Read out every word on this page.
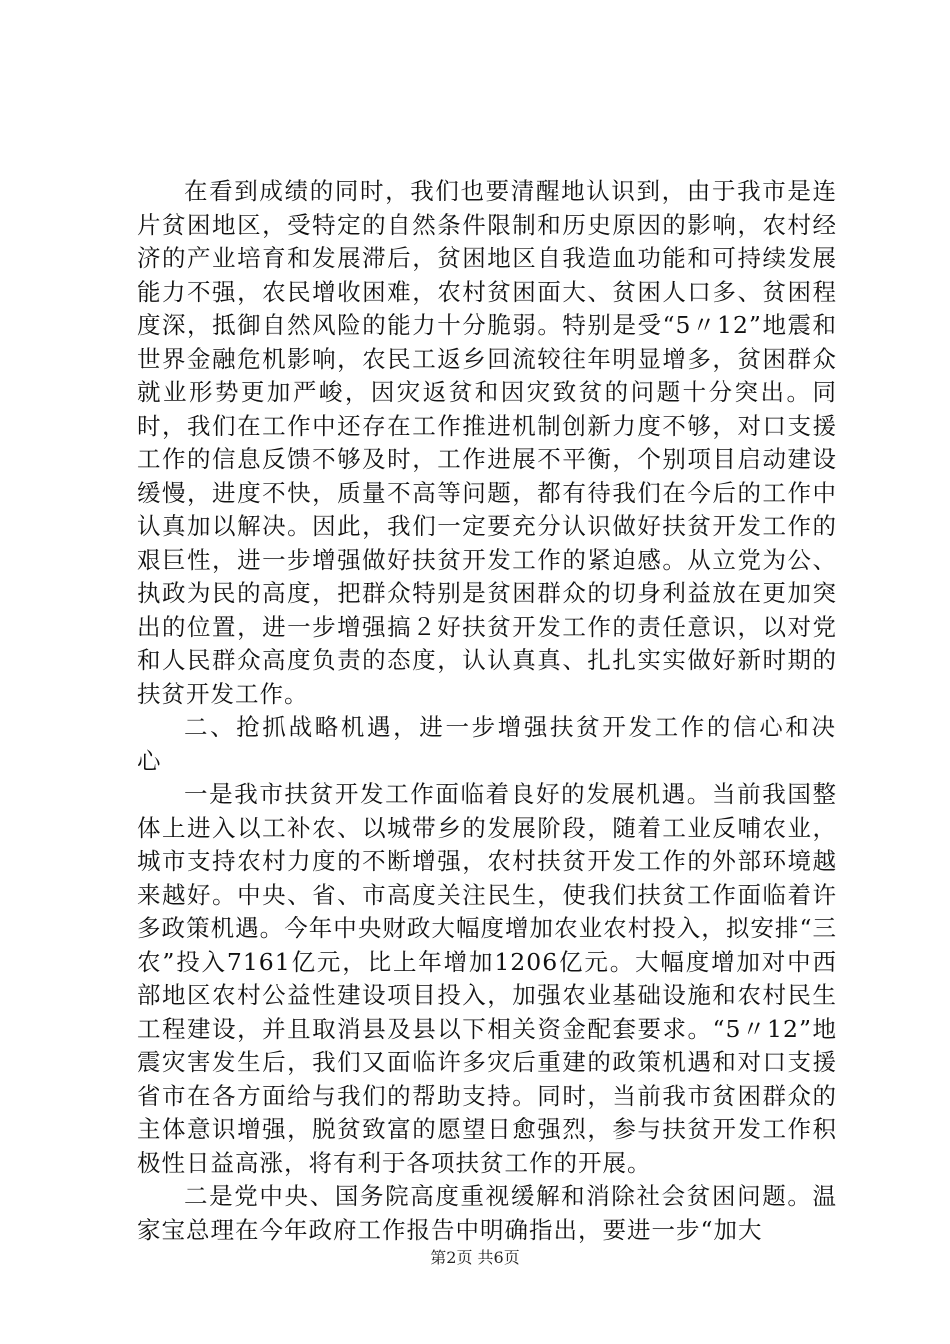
在看到成绩的同时，我们也要清醒地认识到，由于我市是连片贫困地区，受特定的自然条件限制和历史原因的影响，农村经济的产业培育和发展滞后，贫困地区自我造血功能和可持续发展能力不强，农民增收困难，农村贫困面大、贫困人口多、贫困程度深，抵御自然风险的能力十分脆弱。特别是受“5〃12”地震和世界金融危机影响，农民工返乡回流较往年明显增多，贫困群众就业形势更加严峻，因灾返贫和因灾致贫的问题十分突出。同时，我们在工作中还存在工作推进机制创新力度不够，对口支援工作的信息反馈不够及时，工作进展不平衡，个别项目启动建设缓慢，进度不快，质量不高等问题，都有待我们在今后的工作中认真加以解决。因此，我们一定要充分认识做好扶贫开发工作的艰巨性，进一步增强做好扶贫开发工作的紧迫感。从立党为公、执政为民的高度，把群众特别是贫困群众的切身利益放在更加突出的位置，进一步增强搞２好扶贫开发工作的责任意识，以对党和人民群众高度负责的态度，认认真真、扎扎实实做好新时期的扶贫开发工作。

二、抢抓战略机遇，进一步增强扶贫开发工作的信心和决心

一是我市扶贫开发工作面临着良好的发展机遇。当前我国整体上进入以工补农、以城带乡的发展阶段，随着工业反哺农业，城市支持农村力度的不断增强，农村扶贫开发工作的外部环境越来越好。中央、省、市高度关注民生，使我们扶贫工作面临着许多政策机遇。今年中央财政大幅度增加农业农村投入，拟安排“三农”投入7161亿元，比上年增加1206亿元。大幅度增加对中西部地区农村公益性建设项目投入，加强农业基础设施和农村民生工程建设，并且取消县及县以下相关资金配套要求。“5〃12”地震灾害发生后，我们又面临许多灾后重建的政策机遇和对口支援省市在各方面给与我们的帮助支持。同时，当前我市贫困群众的主体意识增强，脱贫致富的愿望日愈强烈，参与扶贫开发工作积极性日益高涨，将有利于各项扶贫工作的开展。

二是党中央、国务院高度重视缓解和消除社会贫困问题。温家宝总理在今年政府工作报告中明确指出，要进一步“加大

第2页 共6页
